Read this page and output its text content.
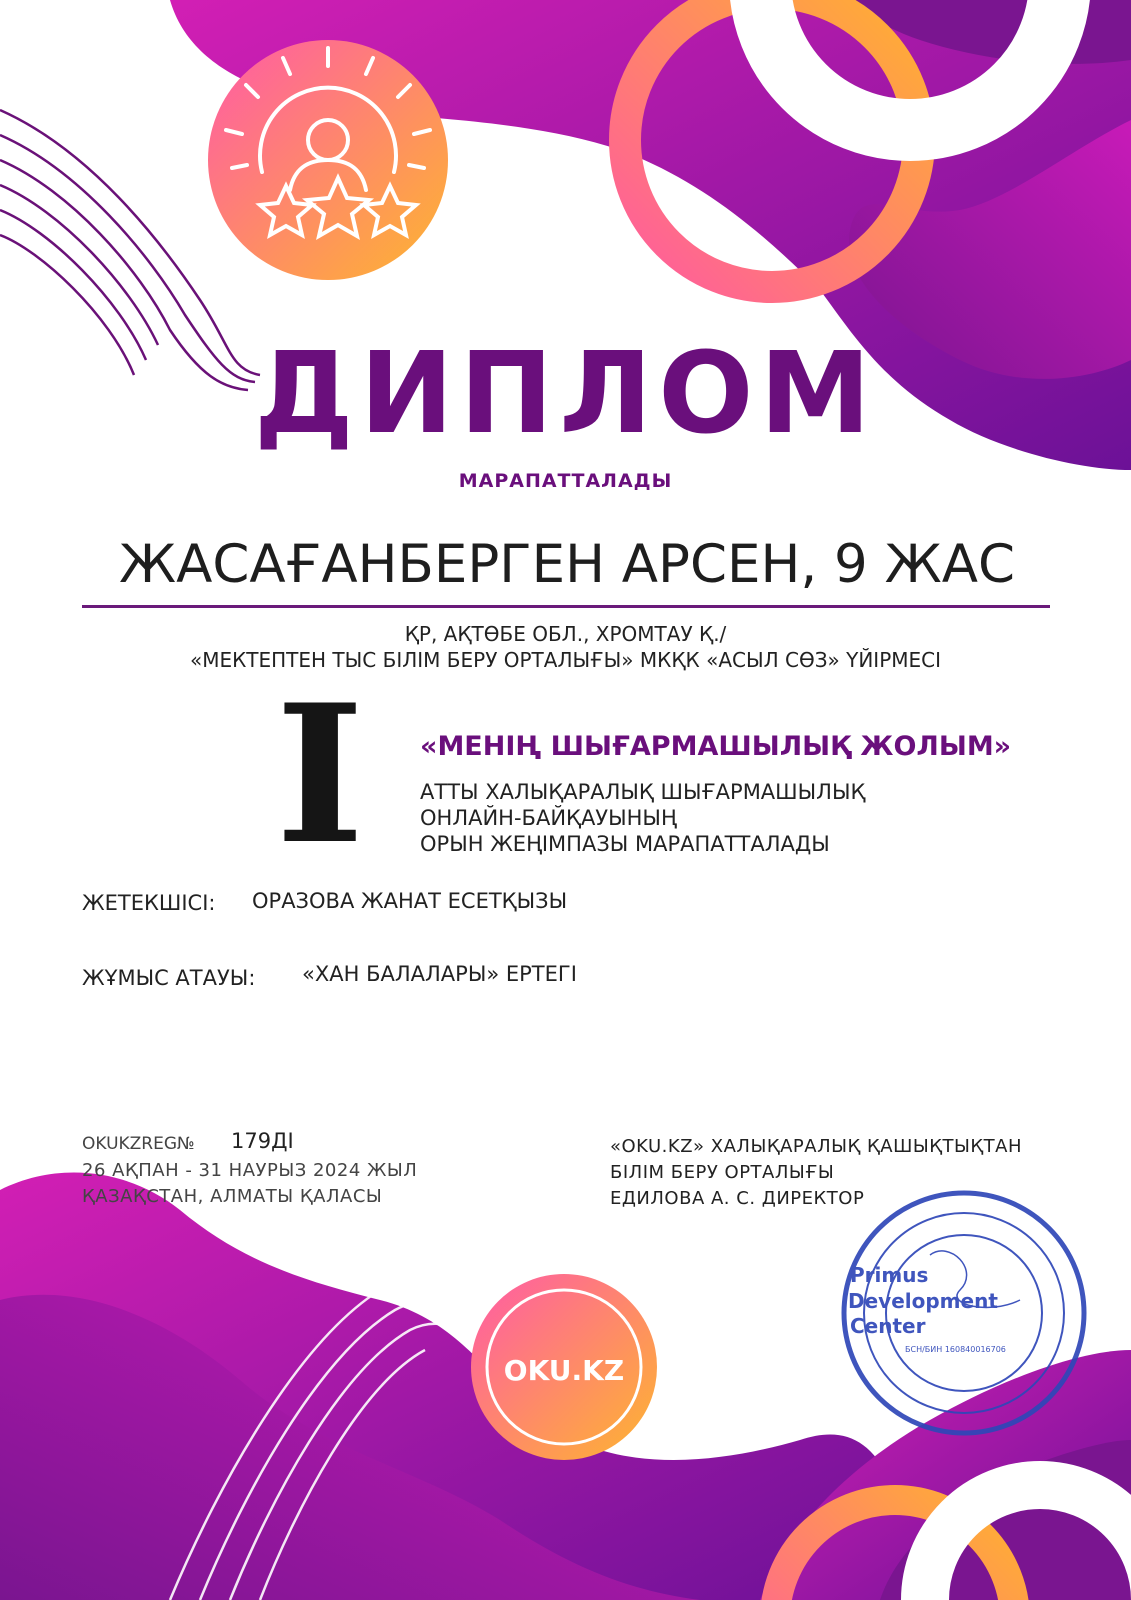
OKU.KZ
Primus
Development
Center
БСН/БИН 160840016706
ДИПЛОМ
МАРАПАТТАЛАДЫ
ЖАСАҒАНБЕРГЕН АРСЕН, 9 ЖАС
ҚР, АҚТӨБЕ ОБЛ., ХРОМТАУ Қ./
«МЕКТЕПТЕН ТЫС БІЛІМ БЕРУ ОРТАЛЫҒЫ» МКҚК «АСЫЛ СӨЗ» ҮЙІРМЕСІ
I «МЕНІҢ ШЫҒАРМАШЫЛЫҚ ЖОЛЫМ»
АТТЫ ХАЛЫҚАРАЛЫҚ ШЫҒАРМАШЫЛЫҚ
ОНЛАЙН-БАЙҚАУЫНЫҢ
ОРЫН ЖЕҢІМПАЗЫ МАРАПАТТАЛАДЫ
ЖЕТЕКШІСІ: ОРАЗОВА ЖАНАТ ЕСЕТҚЫЗЫ
ЖҰМЫС АТАУЫ: «ХАН БАЛАЛАРЫ» ЕРТЕГІ
OKUKZREG№ 179ДІ
26 АҚПАН - 31 НАУРЫЗ 2024 ЖЫЛ
ҚАЗАҚСТАН, АЛМАТЫ ҚАЛАСЫ
«OKU.KZ» ХАЛЫҚАРАЛЫҚ ҚАШЫҚТЫҚТАН
БІЛІМ БЕРУ ОРТАЛЫҒЫ
ЕДИЛОВА А. С. ДИРЕКТОР
